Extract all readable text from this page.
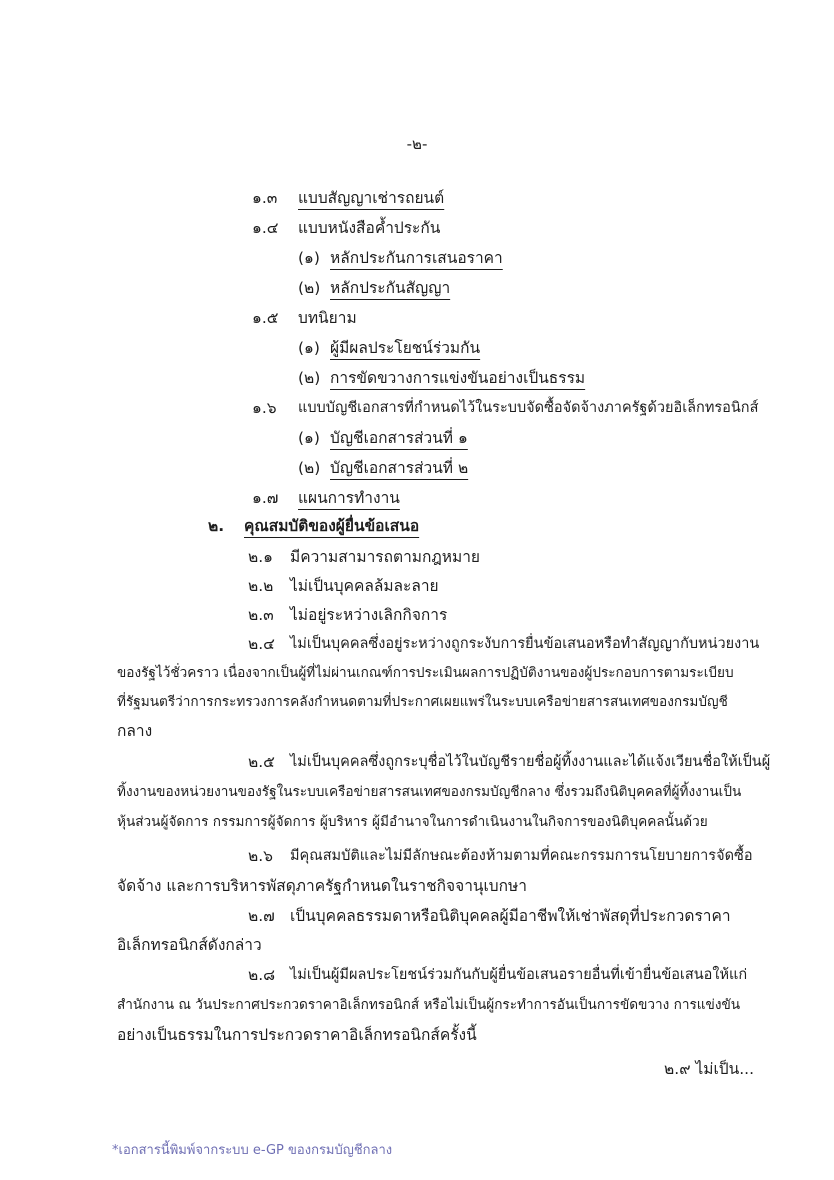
-๒-
๑.๓ แบบสัญญาเช่ารถยนต์
๑.๔ แบบหนังสือค้ำประกัน
(๑) หลักประกันการเสนอราคา
(๒) หลักประกันสัญญา
๑.๕ บทนิยาม
(๑) ผู้มีผลประโยชน์ร่วมกัน
(๒) การขัดขวางการแข่งขันอย่างเป็นธรรม
๑.๖ แบบบัญชีเอกสารที่กำหนดไว้ในระบบจัดซื้อจัดจ้างภาครัฐด้วยอิเล็กทรอนิกส์
(๑) บัญชีเอกสารส่วนที่ ๑
(๒) บัญชีเอกสารส่วนที่ ๒
๑.๗ แผนการทำงาน
๒. คุณสมบัติของผู้ยื่นข้อเสนอ
๒.๑ มีความสามารถตามกฎหมาย
๒.๒ ไม่เป็นบุคคลล้มละลาย
๒.๓ ไม่อยู่ระหว่างเลิกกิจการ
๒.๔ ไม่เป็นบุคคลซึ่งอยู่ระหว่างถูกระงับการยื่นข้อเสนอหรือทำสัญญากับหน่วยงาน
ของรัฐไว้ชั่วคราว เนื่องจากเป็นผู้ที่ไม่ผ่านเกณฑ์การประเมินผลการปฏิบัติงานของผู้ประกอบการตามระเบียบ
ที่รัฐมนตรีว่าการกระทรวงการคลังกำหนดตามที่ประกาศเผยแพร่ในระบบเครือข่ายสารสนเทศของกรมบัญชี
กลาง
๒.๕ ไม่เป็นบุคคลซึ่งถูกระบุชื่อไว้ในบัญชีรายชื่อผู้ทิ้งงานและได้แจ้งเวียนชื่อให้เป็นผู้
ทิ้งงานของหน่วยงานของรัฐในระบบเครือข่ายสารสนเทศของกรมบัญชีกลาง ซึ่งรวมถึงนิติบุคคลที่ผู้ทิ้งงานเป็น
หุ้นส่วนผู้จัดการ กรรมการผู้จัดการ ผู้บริหาร ผู้มีอำนาจในการดำเนินงานในกิจการของนิติบุคคลนั้นด้วย
๒.๖ มีคุณสมบัติและไม่มีลักษณะต้องห้ามตามที่คณะกรรมการนโยบายการจัดซื้อ
จัดจ้าง และการบริหารพัสดุภาครัฐกำหนดในราชกิจจานุเบกษา
๒.๗ เป็นบุคคลธรรมดาหรือนิติบุคคลผู้มีอาชีพให้เช่าพัสดุที่ประกวดราคา
อิเล็กทรอนิกส์ดังกล่าว
๒.๘ ไม่เป็นผู้มีผลประโยชน์ร่วมกันกับผู้ยื่นข้อเสนอรายอื่นที่เข้ายื่นข้อเสนอให้แก่
สำนักงาน ณ วันประกาศประกวดราคาอิเล็กทรอนิกส์ หรือไม่เป็นผู้กระทำการอันเป็นการขัดขวาง การแข่งขัน
อย่างเป็นธรรมในการประกวดราคาอิเล็กทรอนิกส์ครั้งนี้
๒.๙ ไม่เป็น...
*เอกสารนี้พิมพ์จากระบบ e-GP ของกรมบัญชีกลาง
